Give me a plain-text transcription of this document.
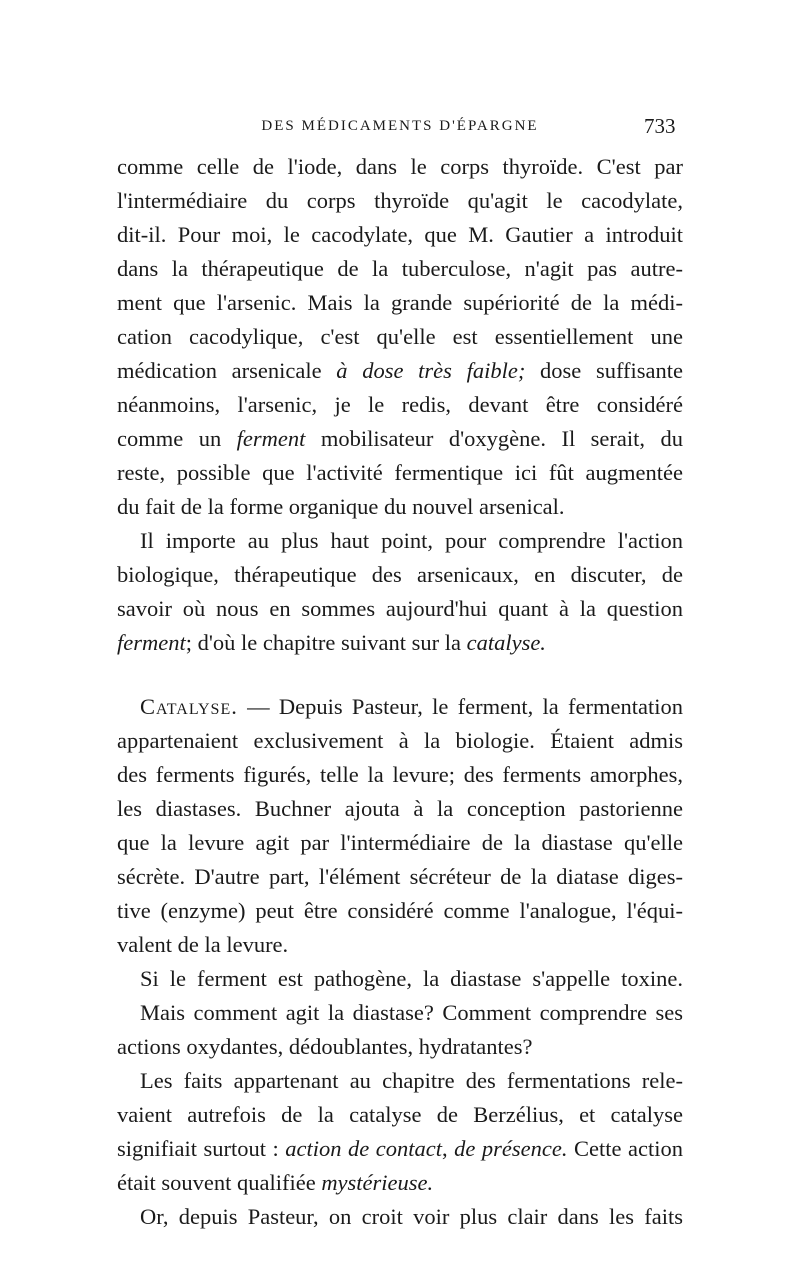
DES MÉDICAMENTS D'ÉPARGNE	733
comme celle de l'iode, dans le corps thyroïde. C'est par
l'intermédiaire du corps thyroïde qu'agit le cacodylate,
dit-il. Pour moi, le cacodylate, que M. Gautier a introduit
dans la thérapeutique de la tuberculose, n'agit pas autre-
ment que l'arsenic. Mais la grande supériorité de la médi-
cation cacodylique, c'est qu'elle est essentiellement une
médication arsenicale à dose très faible; dose suffisante
néanmoins, l'arsenic, je le redis, devant être considéré
comme un ferment mobilisateur d'oxygène. Il serait, du
reste, possible que l'activité fermentique ici fût augmentée
du fait de la forme organique du nouvel arsenical.
Il importe au plus haut point, pour comprendre l'action
biologique, thérapeutique des arsenicaux, en discuter, de
savoir où nous en sommes aujourd'hui quant à la question
ferment; d'où le chapitre suivant sur la catalyse.
Catalyse. — Depuis Pasteur, le ferment, la fermentation
appartenaient exclusivement à la biologie. Étaient admis
des ferments figurés, telle la levure; des ferments amorphes,
les diastases. Buchner ajouta à la conception pastorienne
que la levure agit par l'intermédiaire de la diastase qu'elle
sécrète. D'autre part, l'élément sécréteur de la diatase diges-
tive (enzyme) peut être considéré comme l'analogue, l'équi-
valent de la levure.
Si le ferment est pathogène, la diastase s'appelle toxine.
Mais comment agit la diastase? Comment comprendre ses
actions oxydantes, dédoublantes, hydratantes?
Les faits appartenant au chapitre des fermentations rele-
vaient autrefois de la catalyse de Berzélius, et catalyse
signifiait surtout : action de contact, de présence. Cette action
était souvent qualifiée mystérieuse.
Or, depuis Pasteur, on croit voir plus clair dans les faits
